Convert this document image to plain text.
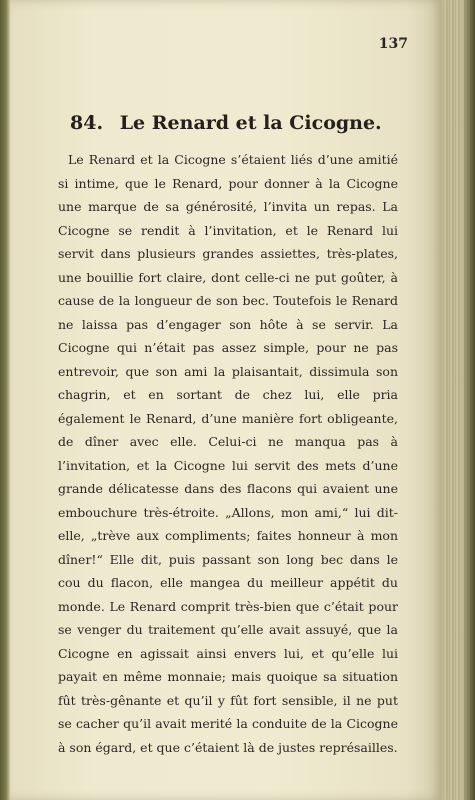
137
84. Le Renard et la Cicogne.

Le Renard et la Cicogne s’étaient liés d’une amitié si intime, que le Renard, pour donner à la Cicogne une marque de sa générosité, l’invita un repas. La Cicogne se rendit à l’invitation, et le Renard lui servit dans plusieurs grandes assiettes, très-plates, une bouillie fort claire, dont celle-ci ne put goûter, à cause de la longueur de son bec. Toutefois le Renard ne laissa pas d’engager son hôte à se servir. La Cicogne qui n’était pas assez simple, pour ne pas entrevoir, que son ami la plaisantait, dissimula son chagrin, et en sortant de chez lui, elle pria également le Renard, d’une manière fort obligeante, de dîner avec elle. Celui-ci ne manqua pas à l’invitation, et la Cicogne lui servit des mets d’une grande délicatesse dans des flacons qui avaient une embouchure très-étroite. „Allons, mon ami,“ lui dit-elle, „trève aux compliments; faites honneur à mon dîner!“ Elle dit, puis passant son long bec dans le cou du flacon, elle mangea du meilleur appétit du monde. Le Renard comprit très-bien que c’était pour se venger du traitement qu’elle avait assuyé, que la Cicogne en agissait ainsi envers lui, et qu’elle lui payait en même monnaie; mais quoique sa situation fût très-gênante et qu’il y fût fort sensible, il ne put se cacher qu’il avait merité la conduite de la Cicogne à son égard, et que c’étaient là de justes représailles.
